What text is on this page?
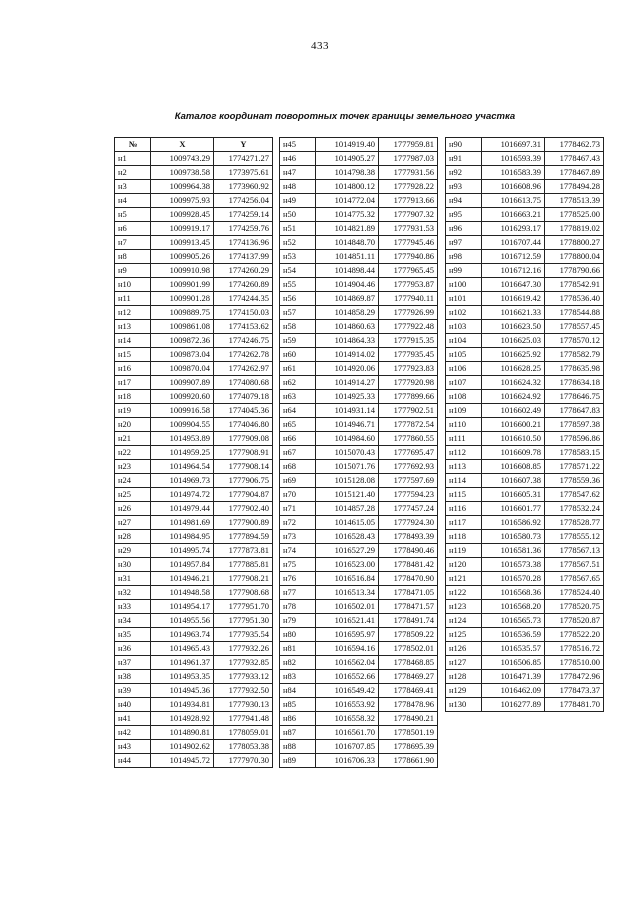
433
Каталог координат поворотных точек границы земельного участка
№	X	Y
н1	1009743.29	1774271.27
н2	1009738.58	1773975.61
н3	1009964.38	1773960.92
н4	1009975.93	1774256.04
н5	1009928.45	1774259.14
н6	1009919.17	1774259.76
н7	1009913.45	1774136.96
н8	1009905.26	1774137.99
н9	1009910.98	1774260.29
н10	1009901.99	1774260.89
н11	1009901.28	1774244.35
н12	1009889.75	1774150.03
н13	1009861.08	1774153.62
н14	1009872.36	1774246.75
н15	1009873.04	1774262.78
н16	1009870.04	1774262.97
н17	1009907.89	1774080.68
н18	1009920.60	1774079.18
н19	1009916.58	1774045.36
н20	1009904.55	1774046.80
н21	1014953.89	1777909.08
н22	1014959.25	1777908.91
н23	1014964.54	1777908.14
н24	1014969.73	1777906.75
н25	1014974.72	1777904.87
н26	1014979.44	1777902.40
н27	1014981.69	1777900.89
н28	1014984.95	1777894.59
н29	1014995.74	1777873.81
н30	1014957.84	1777885.81
н31	1014946.21	1777908.21
н32	1014948.58	1777908.68
н33	1014954.17	1777951.70
н34	1014955.56	1777951.30
н35	1014963.74	1777935.54
н36	1014965.43	1777932.26
н37	1014961.37	1777932.85
н38	1014953.35	1777933.12
н39	1014945.36	1777932.50
н40	1014934.81	1777930.13
н41	1014928.92	1777941.48
н42	1014890.81	1778059.01
н43	1014902.62	1778053.38
н44	1014945.72	1777970.30
н45	1014919.40	1777959.81
н46	1014905.27	1777987.03
н47	1014798.38	1777931.56
н48	1014800.12	1777928.22
н49	1014772.04	1777913.66
н50	1014775.32	1777907.32
н51	1014821.89	1777931.53
н52	1014848.70	1777945.46
н53	1014851.11	1777940.86
н54	1014898.44	1777965.45
н55	1014904.46	1777953.87
н56	1014869.87	1777940.11
н57	1014858.29	1777926.99
н58	1014860.63	1777922.48
н59	1014864.33	1777915.35
н60	1014914.02	1777935.45
н61	1014920.06	1777923.83
н62	1014914.27	1777920.98
н63	1014925.33	1777899.66
н64	1014931.14	1777902.51
н65	1014946.71	1777872.54
н66	1014984.60	1777860.55
н67	1015070.43	1777695.47
н68	1015071.76	1777692.93
н69	1015128.08	1777597.69
н70	1015121.40	1777594.23
н71	1014857.28	1777457.24
н72	1014615.05	1777924.30
н73	1016528.43	1778493.39
н74	1016527.29	1778490.46
н75	1016523.00	1778481.42
н76	1016516.84	1778470.90
н77	1016513.34	1778471.05
н78	1016502.01	1778471.57
н79	1016521.41	1778491.74
н80	1016595.97	1778509.22
н81	1016594.16	1778502.01
н82	1016562.04	1778468.85
н83	1016552.66	1778469.27
н84	1016549.42	1778469.41
н85	1016553.92	1778478.96
н86	1016558.32	1778490.21
н87	1016561.70	1778501.19
н88	1016707.85	1778695.39
н89	1016706.33	1778661.90
н90	1016697.31	1778462.73
н91	1016593.39	1778467.43
н92	1016583.39	1778467.89
н93	1016608.96	1778494.28
н94	1016613.75	1778513.39
н95	1016663.21	1778525.00
н96	1016293.17	1778819.02
н97	1016707.44	1778800.27
н98	1016712.59	1778800.04
н99	1016712.16	1778790.66
н100	1016647.30	1778542.91
н101	1016619.42	1778536.40
н102	1016621.33	1778544.88
н103	1016623.50	1778557.45
н104	1016625.03	1778570.12
н105	1016625.92	1778582.79
н106	1016628.25	1778635.98
н107	1016624.32	1778634.18
н108	1016624.92	1778646.75
н109	1016602.49	1778647.83
н110	1016600.21	1778597.38
н111	1016610.50	1778596.86
н112	1016609.78	1778583.15
н113	1016608.85	1778571.22
н114	1016607.38	1778559.36
н115	1016605.31	1778547.62
н116	1016601.77	1778532.24
н117	1016586.92	1778528.77
н118	1016580.73	1778555.12
н119	1016581.36	1778567.13
н120	1016573.38	1778567.51
н121	1016570.28	1778567.65
н122	1016568.36	1778524.40
н123	1016568.20	1778520.75
н124	1016565.73	1778520.87
н125	1016536.59	1778522.20
н126	1016535.57	1778516.72
н127	1016506.85	1778510.00
н128	1016471.39	1778472.96
н129	1016462.09	1778473.37
н130	1016277.89	1778481.70
